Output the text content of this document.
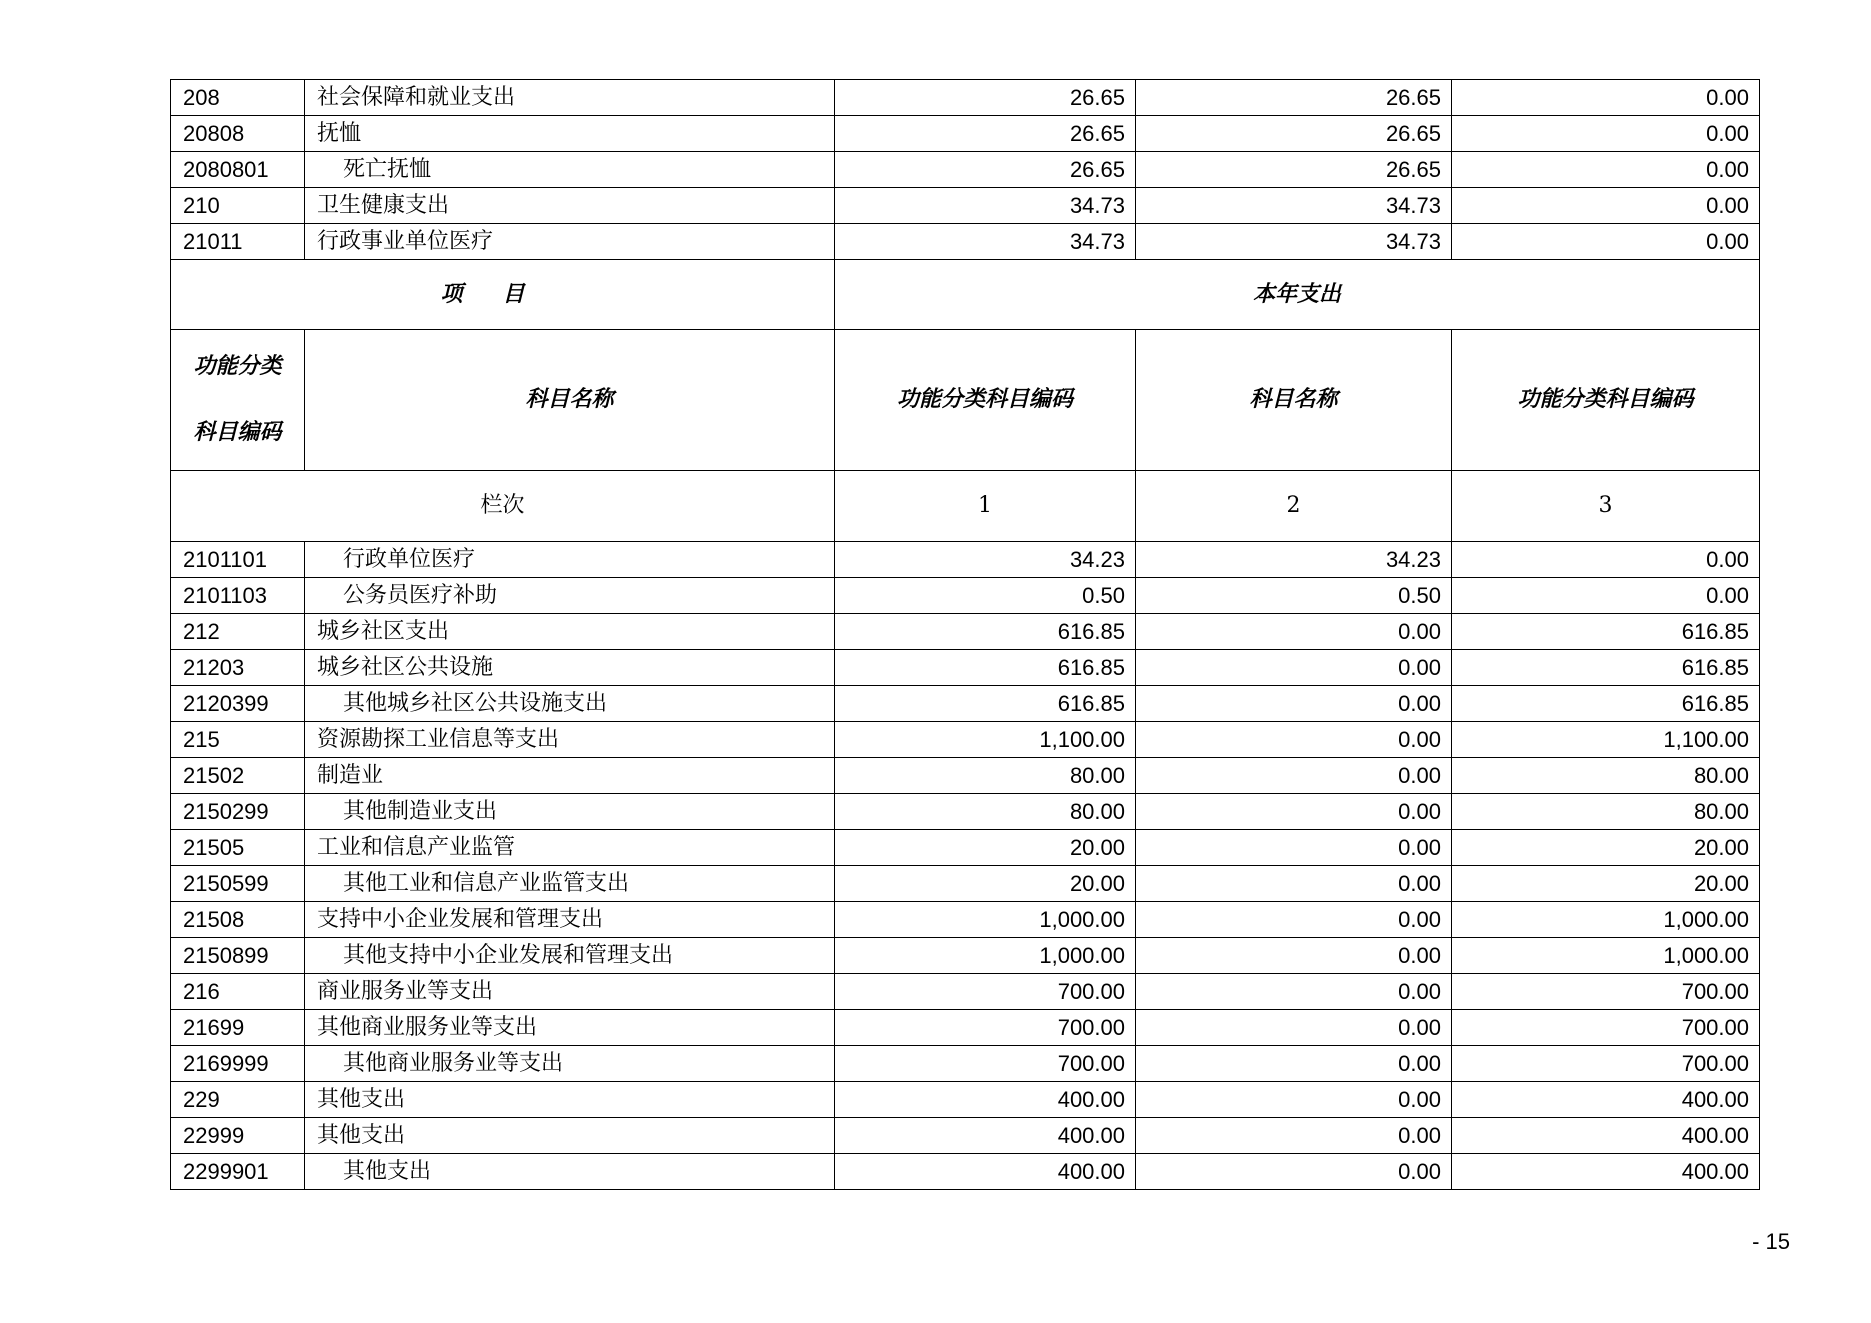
208	社会保障和就业支出	26.65	26.65	0.00
20808	抚恤	26.65	26.65	0.00
2080801	死亡抚恤	26.65	26.65	0.00
210	卫生健康支出	34.73	34.73	0.00
21011	行政事业单位医疗	34.73	34.73	0.00
项目		本年支出		

功能分类
科目编码	科目名称	功能分类科目编码	科目名称	功能分类科目编码
栏次		1	2	3
2101101	行政单位医疗	34.23	34.23	0.00
2101103	公务员医疗补助	0.50	0.50	0.00
212	城乡社区支出	616.85	0.00	616.85
21203	城乡社区公共设施	616.85	0.00	616.85
2120399	其他城乡社区公共设施支出	616.85	0.00	616.85
215	资源勘探工业信息等支出	1,100.00	0.00	1,100.00
21502	制造业	80.00	0.00	80.00
2150299	其他制造业支出	80.00	0.00	80.00
21505	工业和信息产业监管	20.00	0.00	20.00
2150599	其他工业和信息产业监管支出	20.00	0.00	20.00
21508	支持中小企业发展和管理支出	1,000.00	0.00	1,000.00
2150899	其他支持中小企业发展和管理支出	1,000.00	0.00	1,000.00
216	商业服务业等支出	700.00	0.00	700.00
21699	其他商业服务业等支出	700.00	0.00	700.00
2169999	其他商业服务业等支出	700.00	0.00	700.00
229	其他支出	400.00	0.00	400.00
22999	其他支出	400.00	0.00	400.00
2299901	其他支出	400.00	0.00	400.00
- 15
